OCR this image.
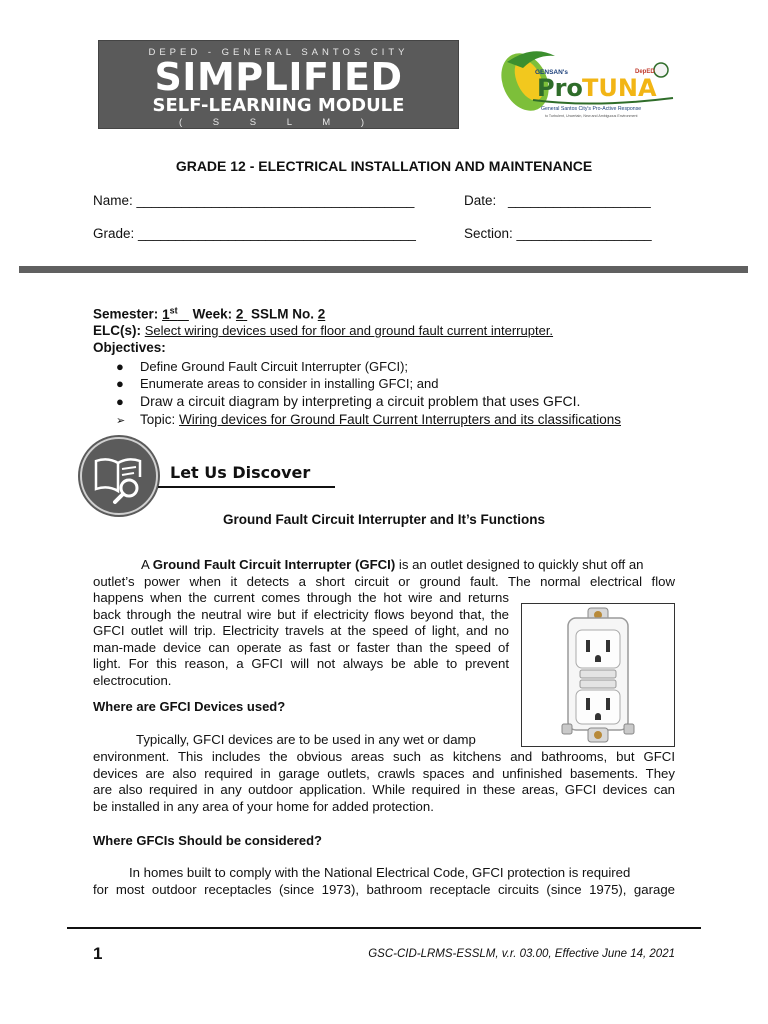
DEPED - GENERAL SANTOS CITY
SIMPLIFIED
SELF-LEARNING MODULE
( S S L M )
GENSAN's
Pro TUNA
DepED
General Santos City's Pro-Active Response
to Turbulent, Uncertain, New and Ambiguous Environment
GRADE 12 - ELECTRICAL INSTALLATION AND MAINTENANCE
Name: _____________________________________	Date: ___________________
Grade: _____________________________________	Section: __________________
Semester: 1st Week: 2 SSLM No. 2
ELC(s): Select wiring devices used for floor and ground fault current interrupter.
Objectives:
● Define Ground Fault Circuit Interrupter (GFCI);
● Enumerate areas to consider in installing GFCI; and
● Draw a circuit diagram by interpreting a circuit problem that uses GFCI.
➢ Topic: Wiring devices for Ground Fault Current Interrupters and its classifications
Let Us Discover
Ground Fault Circuit Interrupter and It’s Functions
A Ground Fault Circuit Interrupter (GFCI) is an outlet designed to quickly shut off an
outlet’s power when it detects a short circuit or ground fault. The normal electrical flow
happens when the current comes through the hot wire and returns
back through the neutral wire but if electricity flows beyond that, the
GFCI outlet will trip. Electricity travels at the speed of light, and no
man-made device can operate as fast or faster than the speed of
light. For this reason, a GFCI will not always be able to prevent
electrocution.
Where are GFCI Devices used?
Typically, GFCI devices are to be used in any wet or damp
environment. This includes the obvious areas such as kitchens and bathrooms, but GFCI
devices are also required in garage outlets, crawls spaces and unfinished basements. They
are also required in any outdoor application. While required in these areas, GFCI devices can
be installed in any area of your home for added protection.
Where GFCIs Should be considered?
In homes built to comply with the National Electrical Code, GFCI protection is required
for most outdoor receptacles (since 1973), bathroom receptacle circuits (since 1975), garage
1	GSC-CID-LRMS-ESSLM, v.r. 03.00, Effective June 14, 2021
